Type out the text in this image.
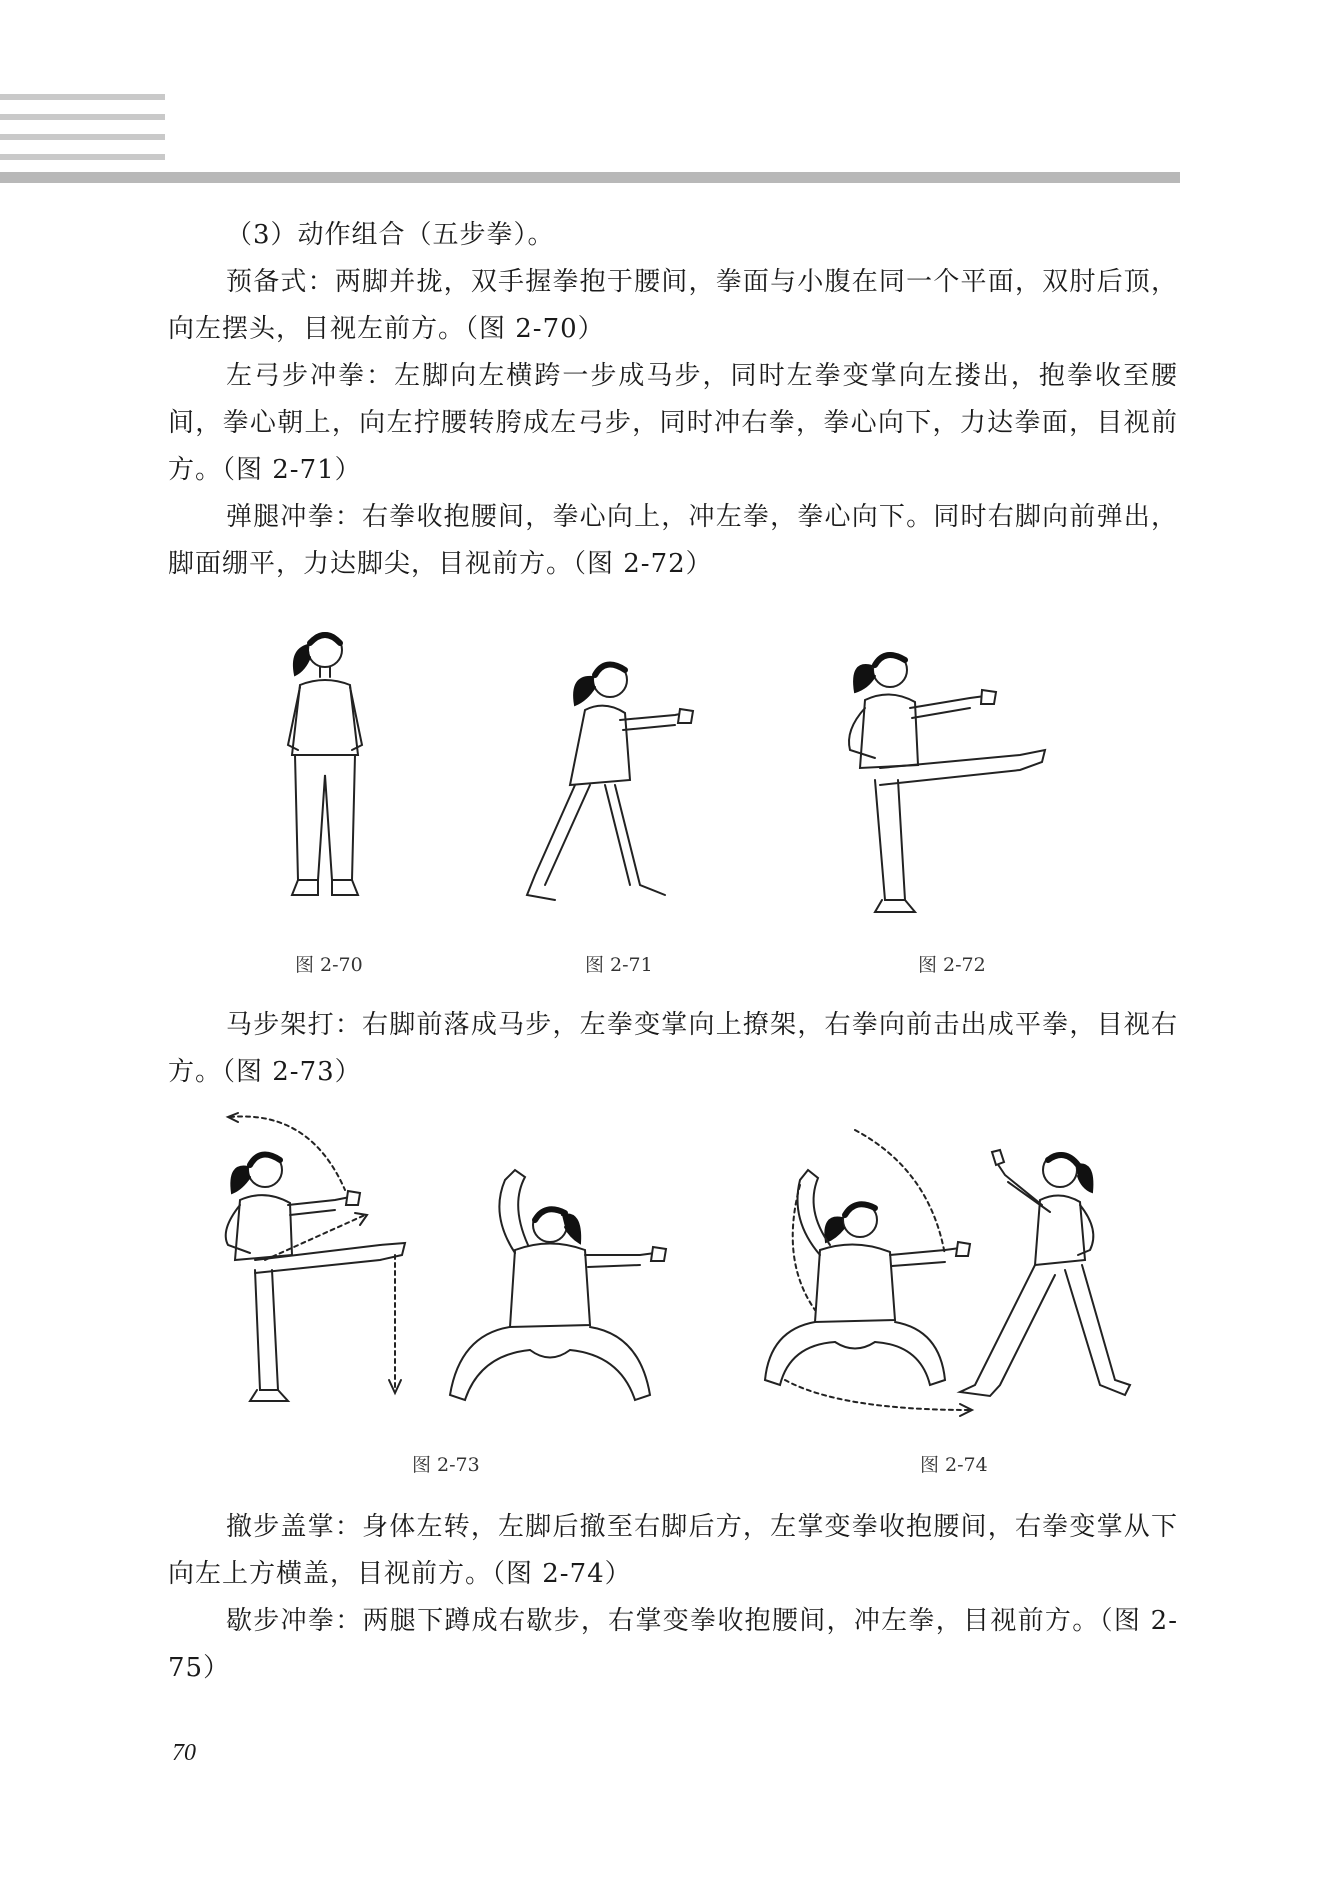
（3）动作组合（五步拳）。

预备式：两脚并拢，双手握拳抱于腰间，拳面与小腹在同一个平面，双肘后顶，向左摆头，目视左前方。（图 2-70）

左弓步冲拳：左脚向左横跨一步成马步，同时左拳变掌向左搂出，抱拳收至腰间，拳心朝上，向左拧腰转胯成左弓步，同时冲右拳，拳心向下，力达拳面，目视前方。（图 2-71）

弹腿冲拳：右拳收抱腰间，拳心向上，冲左拳，拳心向下。同时右脚向前弹出，脚面绷平，力达脚尖，目视前方。（图 2-72）

图 2-70	图 2-71	图 2-72

马步架打：右脚前落成马步，左拳变掌向上撩架，右拳向前击出成平拳，目视右方。（图 2-73）

图 2-73	图 2-74

撤步盖掌：身体左转，左脚后撤至右脚后方，左掌变拳收抱腰间，右拳变掌从下向左上方横盖，目视前方。（图 2-74）

歇步冲拳：两腿下蹲成右歇步，右掌变拳收抱腰间，冲左拳，目视前方。（图 2-75）

70
